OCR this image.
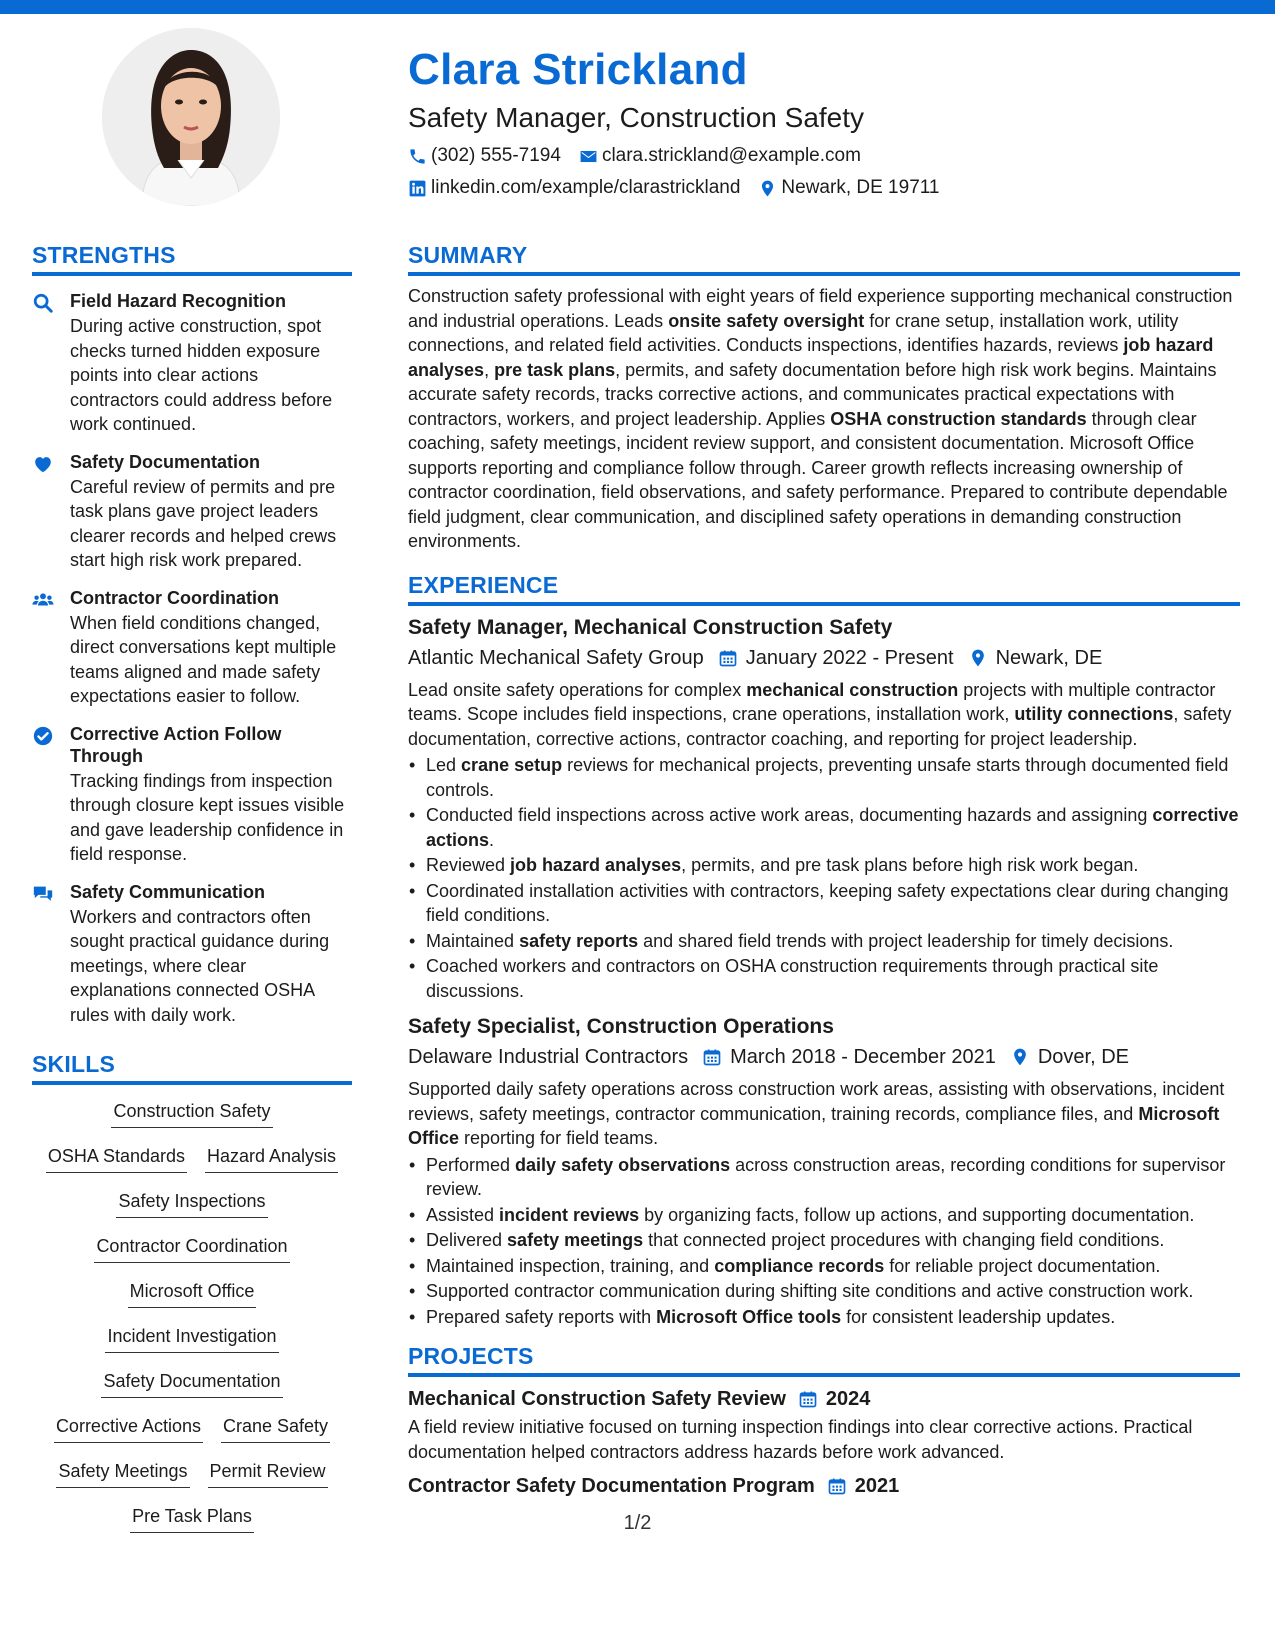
Clara Strickland
Safety Manager, Construction Safety
(302) 555-7194 clara.strickland@example.com
linkedin.com/example/clarastrickland Newark, DE 19711
STRENGTHS
Field Hazard Recognition
During active construction, spot checks turned hidden exposure points into clear actions contractors could address before work continued.
Safety Documentation
Careful review of permits and pre task plans gave project leaders clearer records and helped crews start high risk work prepared.
Contractor Coordination
When field conditions changed, direct conversations kept multiple teams aligned and made safety expectations easier to follow.
Corrective Action Follow Through
Tracking findings from inspection through closure kept issues visible and gave leadership confidence in field response.
Safety Communication
Workers and contractors often sought practical guidance during meetings, where clear explanations connected OSHA rules with daily work.
SKILLS
Construction Safety
OSHA Standards Hazard Analysis
Safety Inspections
Contractor Coordination
Microsoft Office
Incident Investigation
Safety Documentation
Corrective Actions Crane Safety
Safety Meetings Permit Review
Pre Task Plans
SUMMARY
Construction safety professional with eight years of field experience supporting mechanical construction and industrial operations. Leads onsite safety oversight for crane setup, installation work, utility connections, and related field activities. Conducts inspections, identifies hazards, reviews job hazard analyses, pre task plans, permits, and safety documentation before high risk work begins. Maintains accurate safety records, tracks corrective actions, and communicates practical expectations with contractors, workers, and project leadership. Applies OSHA construction standards through clear coaching, safety meetings, incident review support, and consistent documentation. Microsoft Office supports reporting and compliance follow through. Career growth reflects increasing ownership of contractor coordination, field observations, and safety performance. Prepared to contribute dependable field judgment, clear communication, and disciplined safety operations in demanding construction environments.
EXPERIENCE
Safety Manager, Mechanical Construction Safety
Atlantic Mechanical Safety Group January 2022 - Present Newark, DE
Lead onsite safety operations for complex mechanical construction projects with multiple contractor teams. Scope includes field inspections, crane operations, installation work, utility connections, safety documentation, corrective actions, contractor coaching, and reporting for project leadership.
• Led crane setup reviews for mechanical projects, preventing unsafe starts through documented field controls.
• Conducted field inspections across active work areas, documenting hazards and assigning corrective actions.
• Reviewed job hazard analyses, permits, and pre task plans before high risk work began.
• Coordinated installation activities with contractors, keeping safety expectations clear during changing field conditions.
• Maintained safety reports and shared field trends with project leadership for timely decisions.
• Coached workers and contractors on OSHA construction requirements through practical site discussions.
Safety Specialist, Construction Operations
Delaware Industrial Contractors March 2018 - December 2021 Dover, DE
Supported daily safety operations across construction work areas, assisting with observations, incident reviews, safety meetings, contractor communication, training records, compliance files, and Microsoft Office reporting for field teams.
• Performed daily safety observations across construction areas, recording conditions for supervisor review.
• Assisted incident reviews by organizing facts, follow up actions, and supporting documentation.
• Delivered safety meetings that connected project procedures with changing field conditions.
• Maintained inspection, training, and compliance records for reliable project documentation.
• Supported contractor communication during shifting site conditions and active construction work.
• Prepared safety reports with Microsoft Office tools for consistent leadership updates.
PROJECTS
Mechanical Construction Safety Review 2024
A field review initiative focused on turning inspection findings into clear corrective actions. Practical documentation helped contractors address hazards before work advanced.
Contractor Safety Documentation Program 2021
1/2
